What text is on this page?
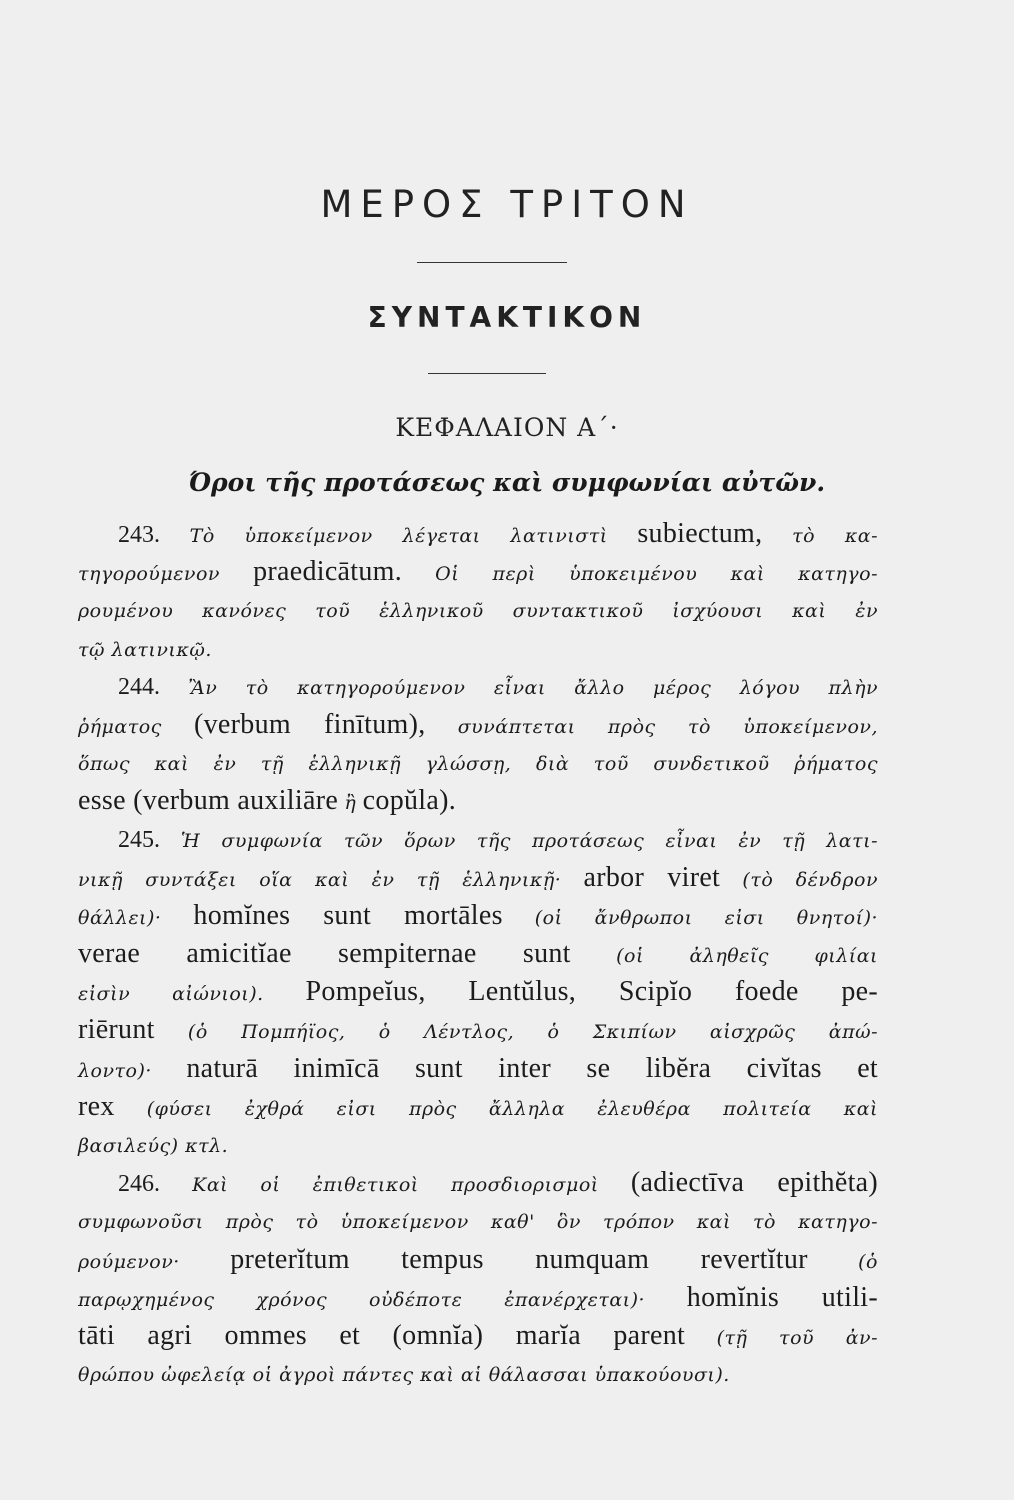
ΜΕΡΟΣ ΤΡΙΤΟΝ
ΣΥΝΤΑΚΤΙΚΟΝ
ΚΕΦΑΛΑΙΟΝ Α΄·
Όροι τῆς προτάσεως καὶ συμφωνίαι αὐτῶν.
243. Τὸ ὑποκείμενον λέγεται λατινιστὶ subiectum, τὸ κα-
τηγορούμενον praedicātum. Οἱ περὶ ὑποκειμένου καὶ κατηγο-
ρουμένου κανόνες τοῦ ἑλληνικοῦ συντακτικοῦ ἰσχύουσι καὶ ἐν
τῷ λατινικῷ.
244. Ἂν τὸ κατηγορούμενον εἶναι ἄλλο μέρος λόγου πλὴν
ῥήματος (verbum finītum), συνάπτεται πρὸς τὸ ὑποκείμενον,
ὅπως καὶ ἐν τῇ ἑλληνικῇ γλώσσῃ, διὰ τοῦ συνδετικοῦ ῥήματος
esse (verbum auxiliāre ἢ copŭla).
245. Ἡ συμφωνία τῶν ὅρων τῆς προτάσεως εἶναι ἐν τῇ λατι-
νικῇ συντάξει οἵα καὶ ἐν τῇ ἑλληνικῇ· arbor viret (τὸ δένδρον
θάλλει)· homĭnes sunt mortāles (οἱ ἄνθρωποι εἰσι θνητοί)·
verae amicitĭae sempiternae sunt (οἱ ἀληθεῖς φιλίαι
εἰσὶν αἰώνιοι). Pompeĭus, Lentŭlus, Scipĭo foede pe-
riērunt (ὁ Πομπήϊος, ὁ Λέντλος, ὁ Σκιπίων αἰσχρῶς ἀπώ-
λοντο)· naturā inimīcā sunt inter se libĕra civĭtas et
rex (φύσει ἐχθρά εἰσι πρὸς ἄλληλα ἐλευθέρα πολιτεία καὶ
βασιλεύς) κτλ.
246. Καὶ οἱ ἐπιθετικοὶ προσδιορισμοὶ (adiectīva epithĕta)
συμφωνοῦσι πρὸς τὸ ὑποκείμενον καθ' ὃν τρόπον καὶ τὸ κατηγο-
ρούμενον· preterĭtum tempus numquam revertĭtur	(ὁ
παρῳχημένος χρόνος οὐδέποτε ἐπανέρχεται)· homĭnis utili-
tāti agri ommes et (omnĭa) marĭa parent (τῇ τοῦ ἀν-
θρώπου ὠφελείᾳ οἱ ἀγροὶ πάντες καὶ αἱ θάλασσαι ὑπακούουσι).
